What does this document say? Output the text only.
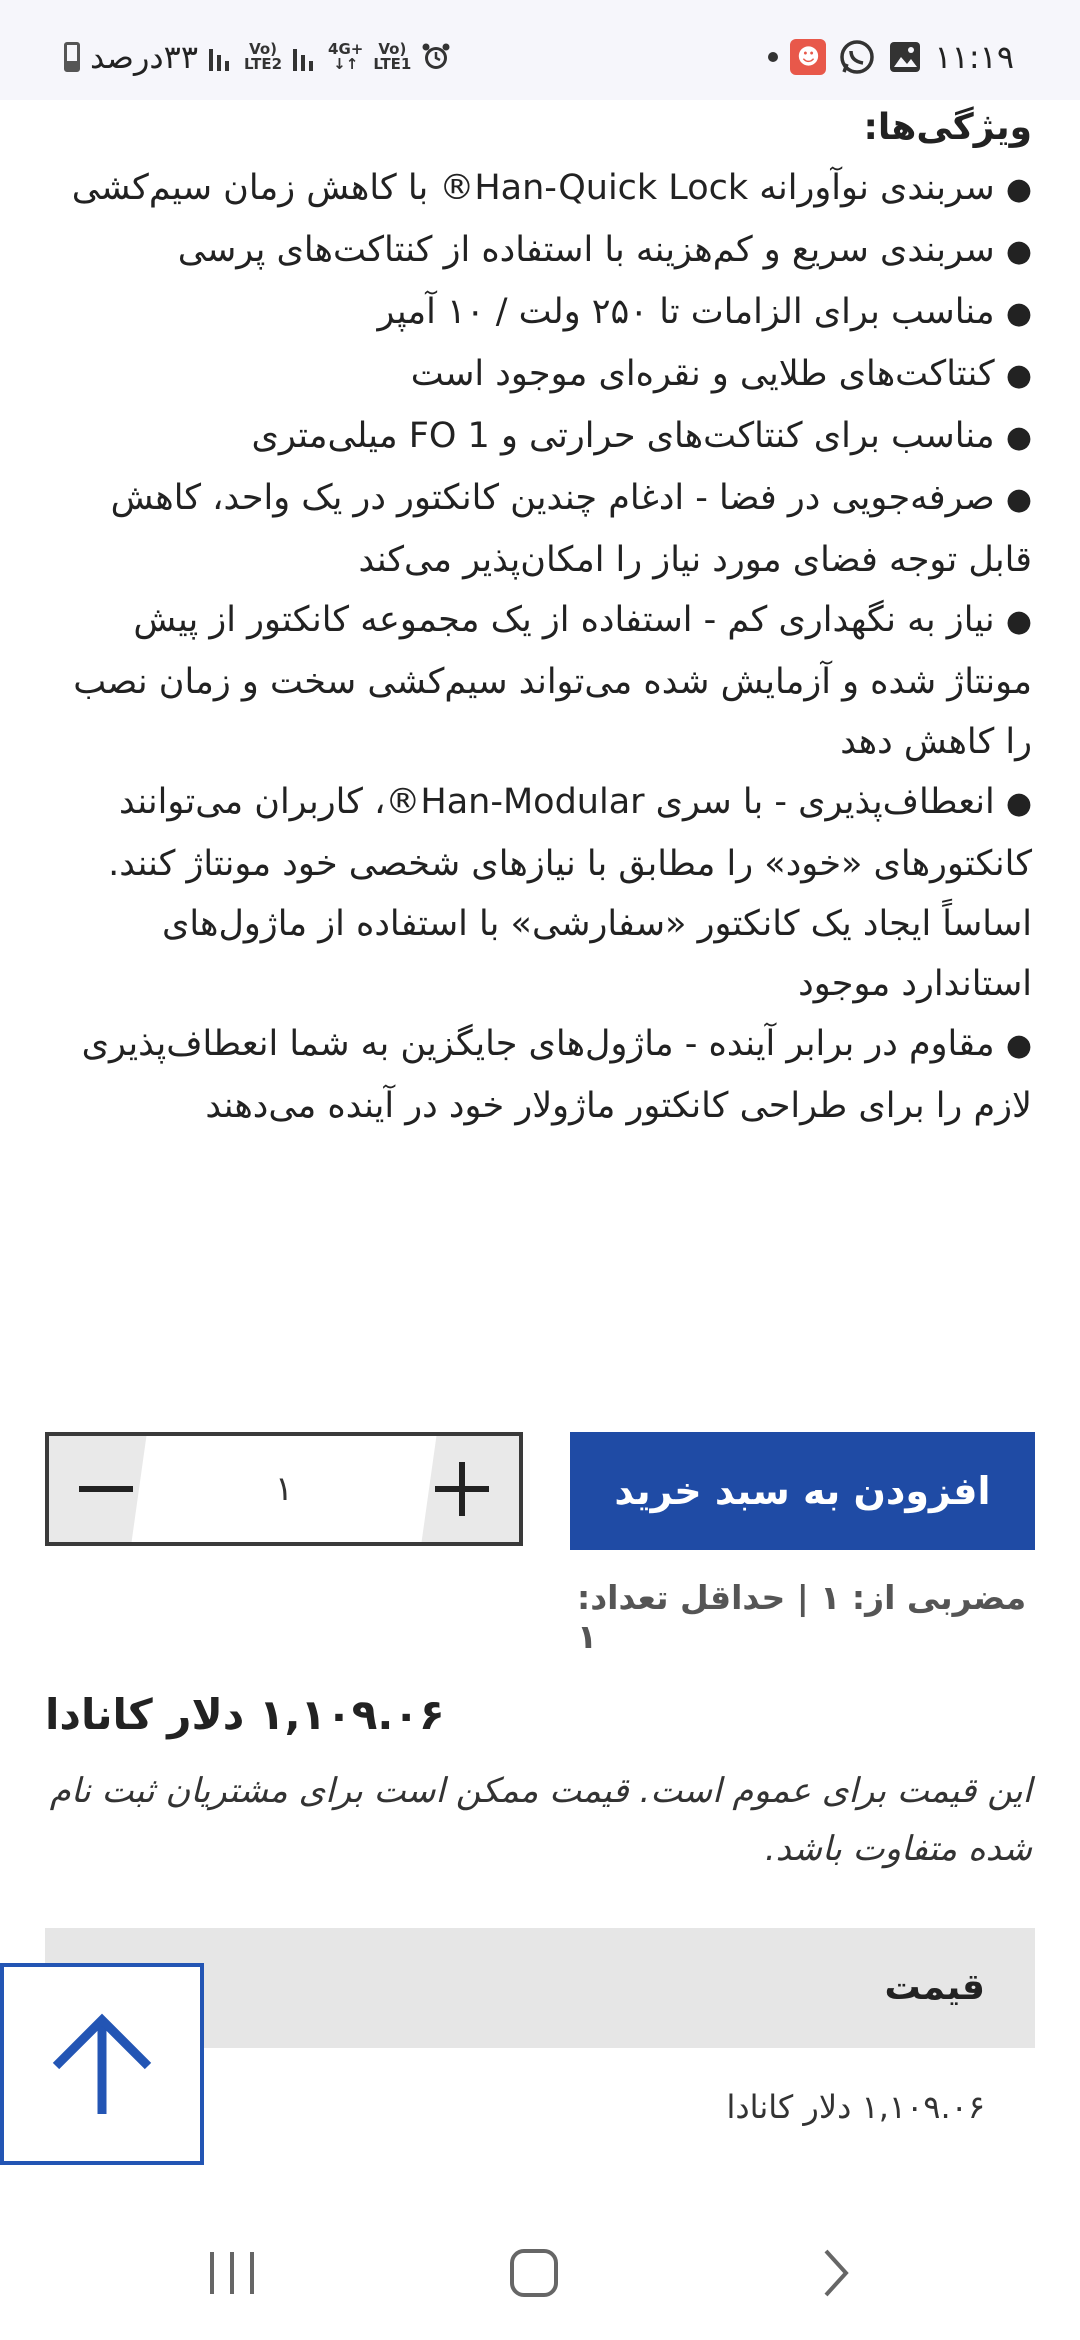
۳۳درصد	Vo)
LTE2
4G+
↓↑
Vo)
LTE1	☻	۱۱:۱۹

ویژگی‌ها:

● سربندی نوآورانه Han-Quick Lock® با کاهش زمان سیم‌کشی
● سربندی سریع و کم‌هزینه با استفاده از کنتاکت‌های پرسی
● مناسب برای الزامات تا ۲۵۰ ولت / ۱۰ آمپر
● کنتاکت‌های طلایی و نقره‌ای موجود است
● مناسب برای کنتاکت‌های حرارتی و FO 1 میلی‌متری
● صرفه‌جویی در فضا - ادغام چندین کانکتور در یک واحد، کاهش قابل توجه فضای مورد نیاز را امکان‌پذیر می‌کند
● نیاز به نگهداری کم - استفاده از یک مجموعه کانکتور از پیش مونتاژ شده و آزمایش شده می‌تواند سیم‌کشی سخت و زمان نصب را کاهش دهد
● انعطاف‌پذیری - با سری Han-Modular®، کاربران می‌توانند کانکتورهای «خود» را مطابق با نیازهای شخصی خود مونتاژ کنند. اساساً ایجاد یک کانکتور «سفارشی» با استفاده از ماژول‌های استاندارد موجود
● مقاوم در برابر آینده - ماژول‌های جایگزین به شما انعطاف‌پذیری لازم را برای طراحی کانکتور ماژولار خود در آینده می‌دهند
۱	افزودن به سبد خرید
مضربی از: ۱ | حداقل تعداد: ۱
۱,۱۰۹.۰۶ دلار کانادا
این قیمت برای عموم است. قیمت ممکن است برای مشتریان ثبت نام شده متفاوت باشد.
قیمت
۱,۱۰۹.۰۶ دلار کانادا
